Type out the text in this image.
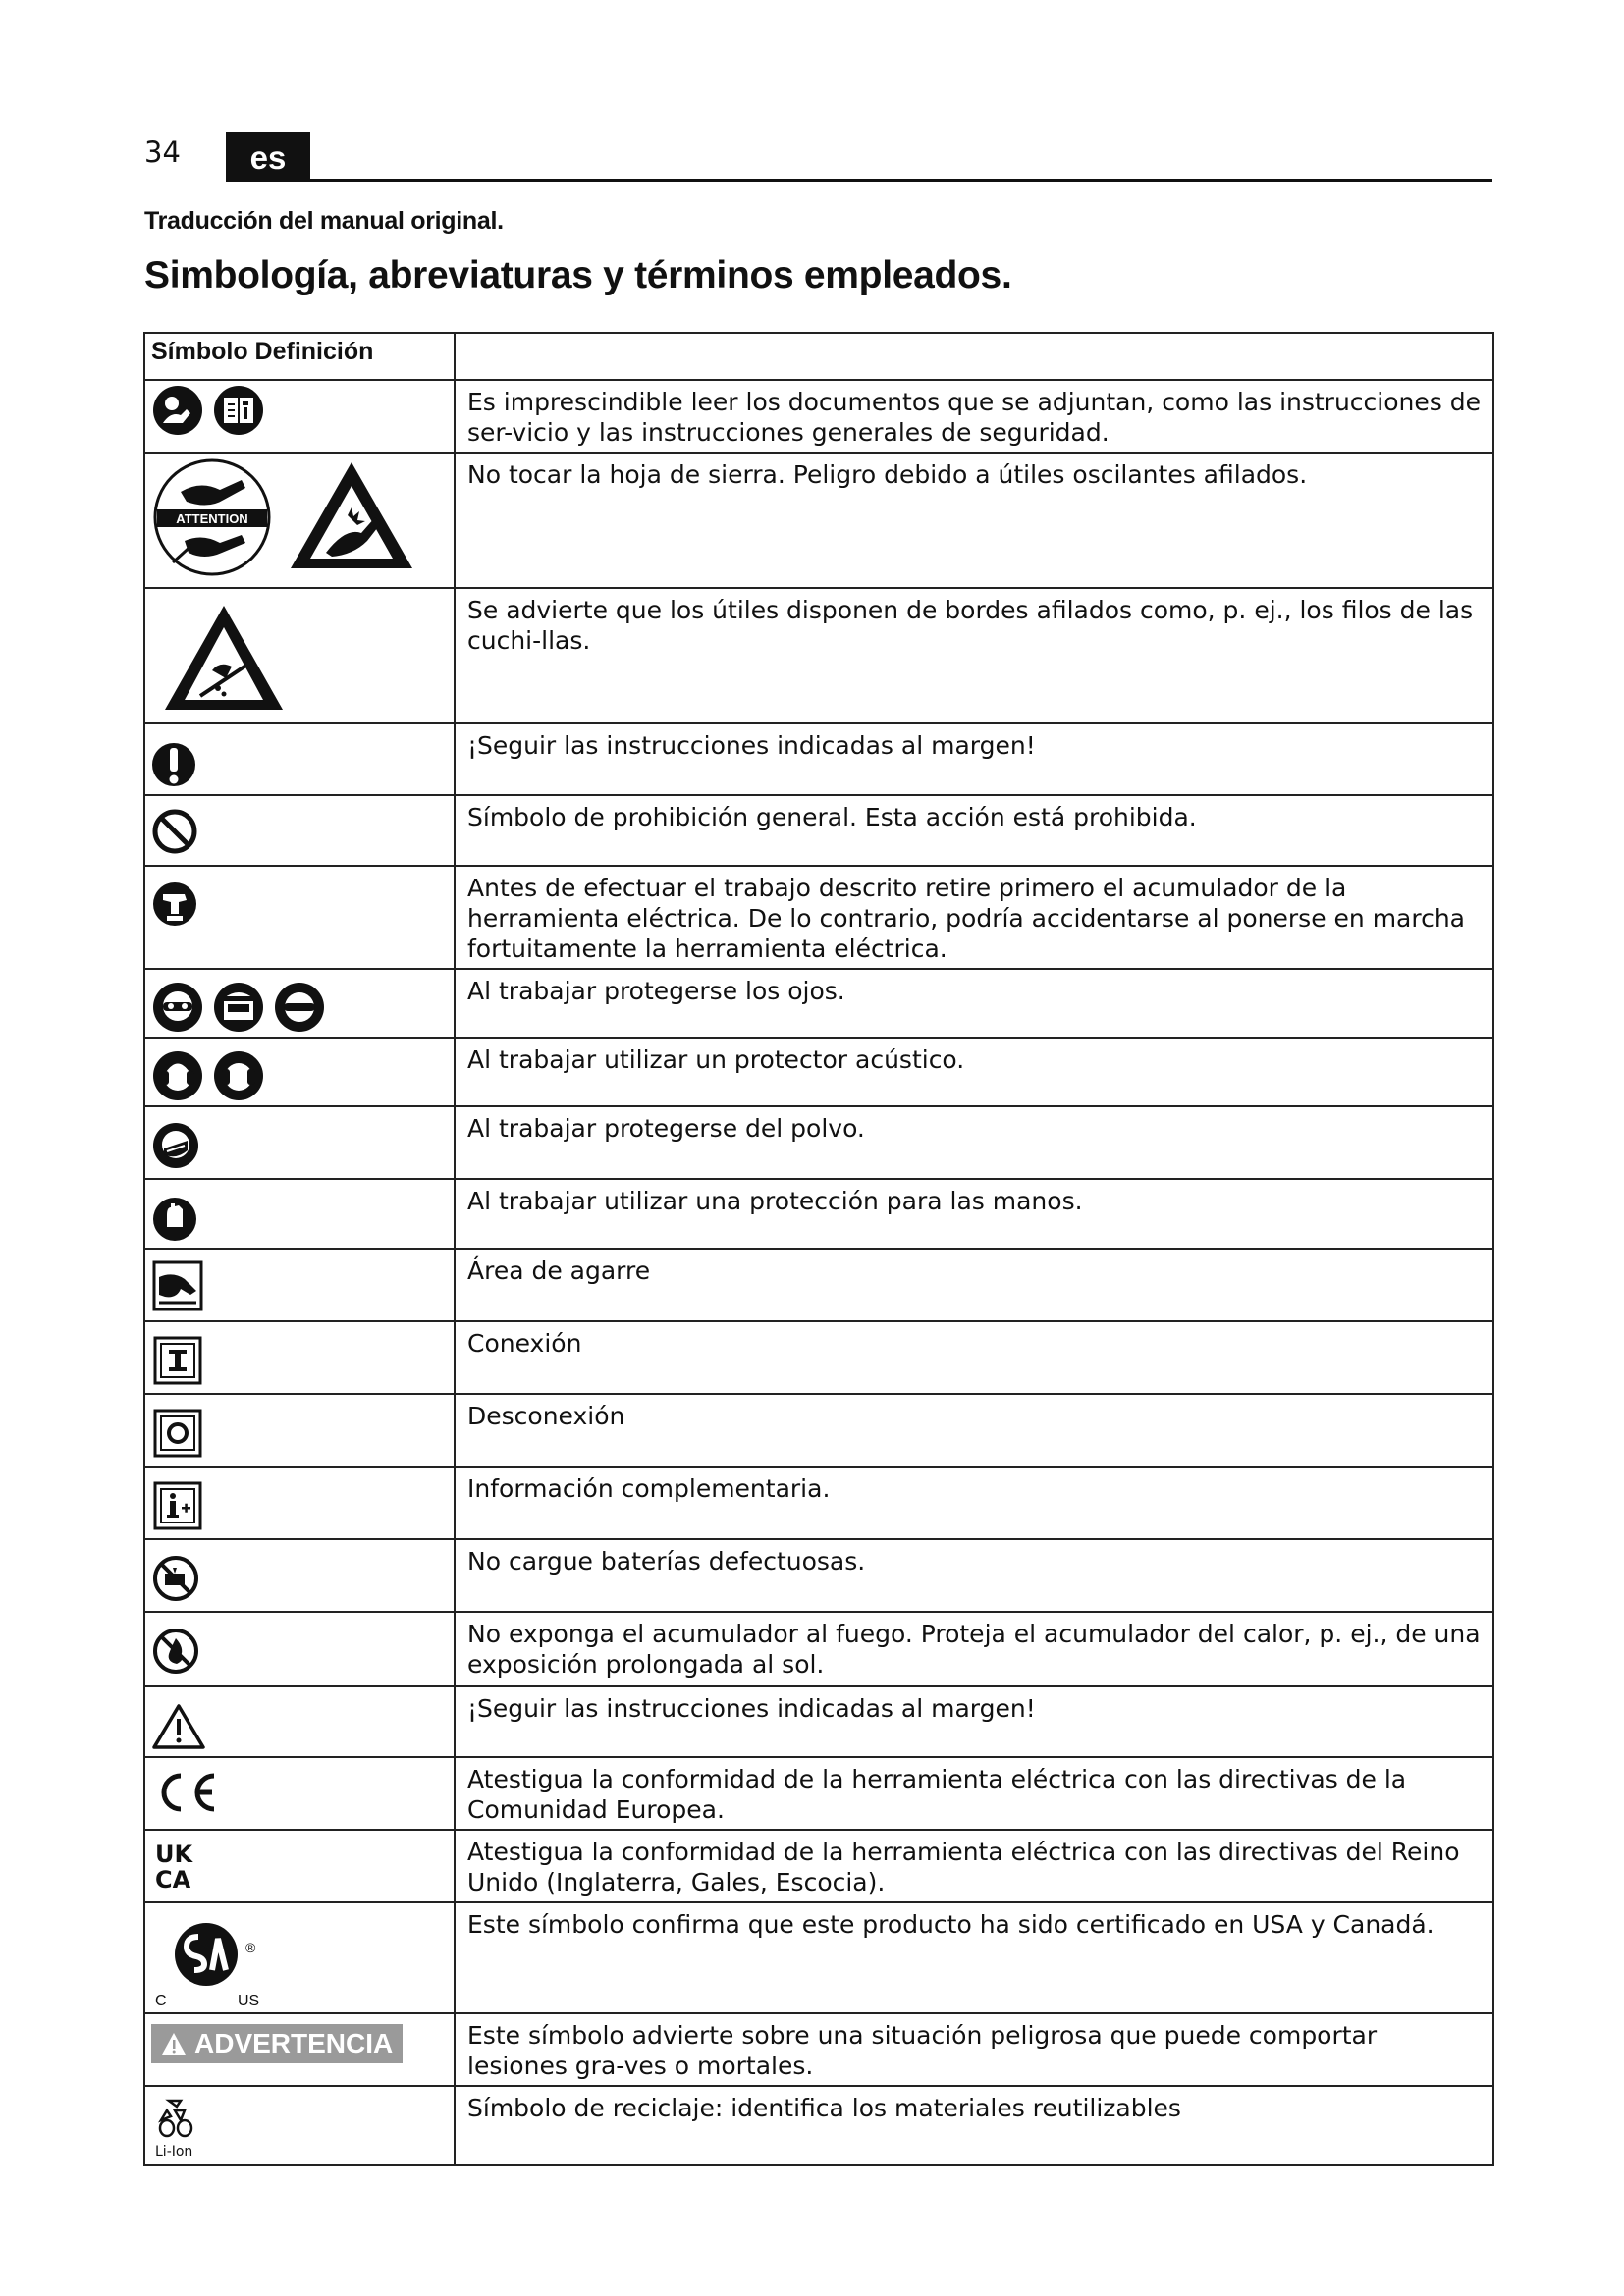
34	es
Traducción del manual original.
Simbología, abreviaturas y términos empleados.
Símbolo Definición	

	Es imprescindible leer los documentos que se adjuntan, como las instrucciones de ser-vicio y las instrucciones generales de seguridad.

ATTENTION	No tocar la hoja de sierra. Peligro debido a útiles oscilantes afilados.

	Se advierte que los útiles disponen de bordes afilados como, p. ej., los filos de las cuchi-llas.

	¡Seguir las instrucciones indicadas al margen!

	Símbolo de prohibición general. Esta acción está prohibida.

	Antes de efectuar el trabajo descrito retire primero el acumulador de la herramienta eléctrica. De lo contrario, podría accidentarse al ponerse en marcha fortuitamente la herramienta eléctrica.

	Al trabajar protegerse los ojos.

	Al trabajar utilizar un protector acústico.

	Al trabajar protegerse del polvo.

	Al trabajar utilizar una protección para las manos.

	Área de agarre

	Conexión

	Desconexión

	Información complementaria.

	No cargue baterías defectuosas.

	No exponga el acumulador al fuego. Proteja el acumulador del calor, p. ej., de una exposición prolongada al sol.

	¡Seguir las instrucciones indicadas al margen!

	Atestigua la conformidad de la herramienta eléctrica con las directivas de la Comunidad Europea.

UK
CA	Atestigua la conformidad de la herramienta eléctrica con las directivas del Reino Unido (Inglaterra, Gales, Escocia).

®
C US	Este símbolo confirma que este producto ha sido certificado en USA y Canadá.

ADVERTENCIA	Este símbolo advierte sobre una situación peligrosa que puede comportar lesiones gra-ves o mortales.

Li-Ion	Símbolo de reciclaje: identifica los materiales reutilizables
